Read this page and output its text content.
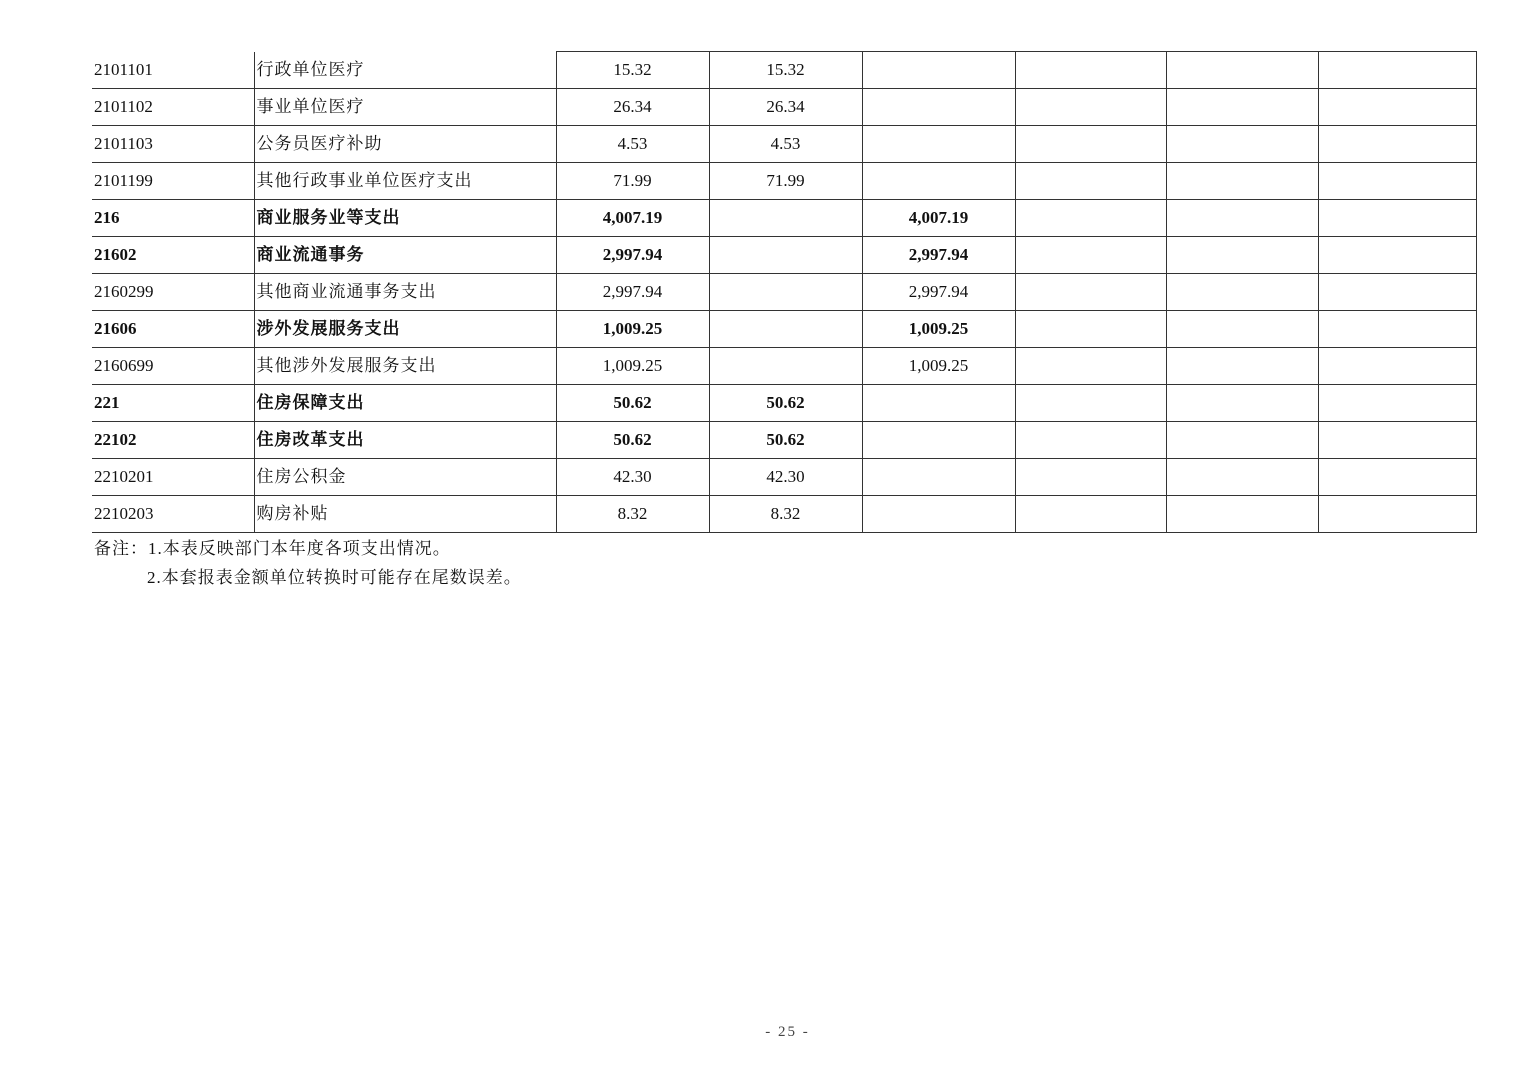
2101101	行政单位医疗	15.32	15.32				
2101102	事业单位医疗	26.34	26.34				
2101103	公务员医疗补助	4.53	4.53				
2101199	其他行政事业单位医疗支出	71.99	71.99				
216	商业服务业等支出	4,007.19		4,007.19			
21602	商业流通事务	2,997.94		2,997.94			
2160299	其他商业流通事务支出	2,997.94		2,997.94			
21606	涉外发展服务支出	1,009.25		1,009.25			
2160699	其他涉外发展服务支出	1,009.25		1,009.25			
221	住房保障支出	50.62	50.62				
22102	住房改革支出	50.62	50.62				
2210201	住房公积金	42.30	42.30				
2210203	购房补贴	8.32	8.32				
备注：1.本表反映部门本年度各项支出情况。
2.本套报表金额单位转换时可能存在尾数误差。
- 25 -
